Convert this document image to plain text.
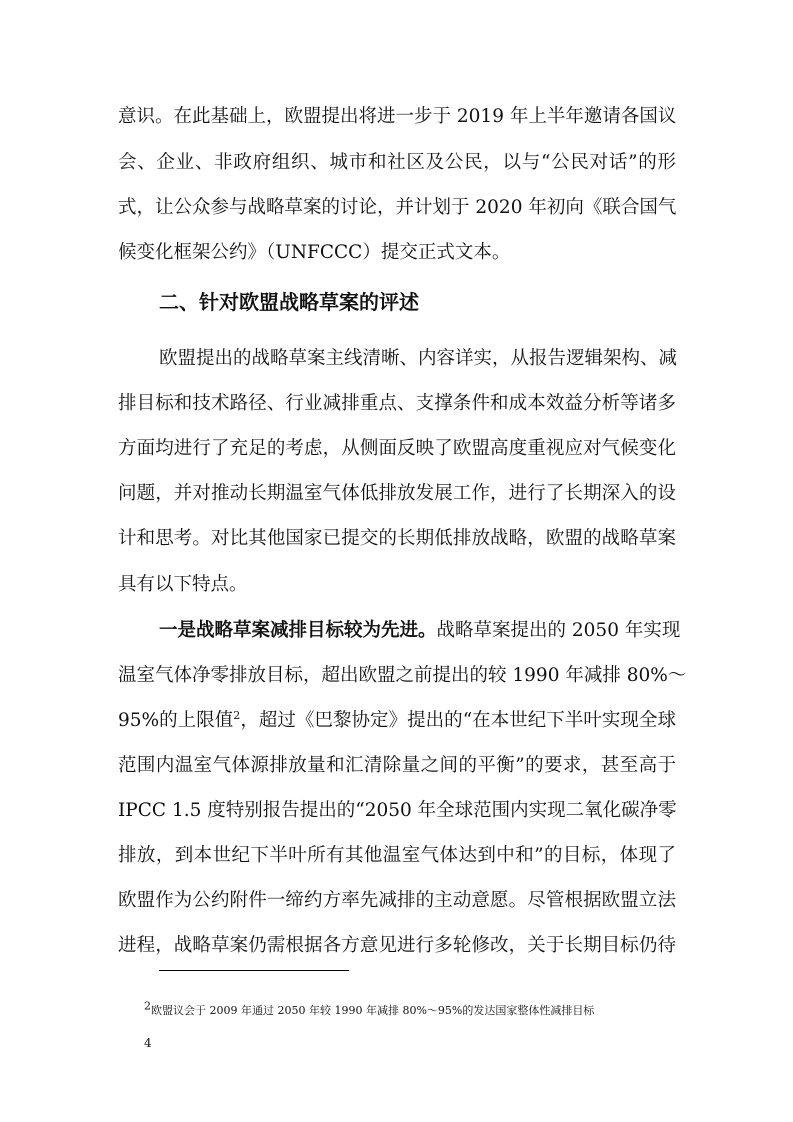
意识。在此基础上，欧盟提出将进一步于 2019 年上半年邀请各国议
会、企业、非政府组织、城市和社区及公民，以与“公民对话”的形
式，让公众参与战略草案的讨论，并计划于 2020 年初向《联合国气
候变化框架公约》（UNFCCC）提交正式文本。
二、针对欧盟战略草案的评述
欧盟提出的战略草案主线清晰、内容详实，从报告逻辑架构、减
排目标和技术路径、行业减排重点、支撑条件和成本效益分析等诸多
方面均进行了充足的考虑，从侧面反映了欧盟高度重视应对气候变化
问题，并对推动长期温室气体低排放发展工作，进行了长期深入的设
计和思考。对比其他国家已提交的长期低排放战略，欧盟的战略草案
具有以下特点。
一是战略草案减排目标较为先进。战略草案提出的 2050 年实现
温室气体净零排放目标，超出欧盟之前提出的较 1990 年减排 80%～
95%的上限值$^2$，超过《巴黎协定》提出的“在本世纪下半叶实现全球
范围内温室气体源排放量和汇清除量之间的平衡”的要求，甚至高于
IPCC 1.5 度特别报告提出的“2050 年全球范围内实现二氧化碳净零
排放，到本世纪下半叶所有其他温室气体达到中和”的目标，体现了
欧盟作为公约附件一缔约方率先减排的主动意愿。尽管根据欧盟立法
进程，战略草案仍需根据各方意见进行多轮修改，关于长期目标仍待
$^2$欧盟议会于 2009 年通过 2050 年较 1990 年减排 80%～95%的发达国家整体性减排目标
4
